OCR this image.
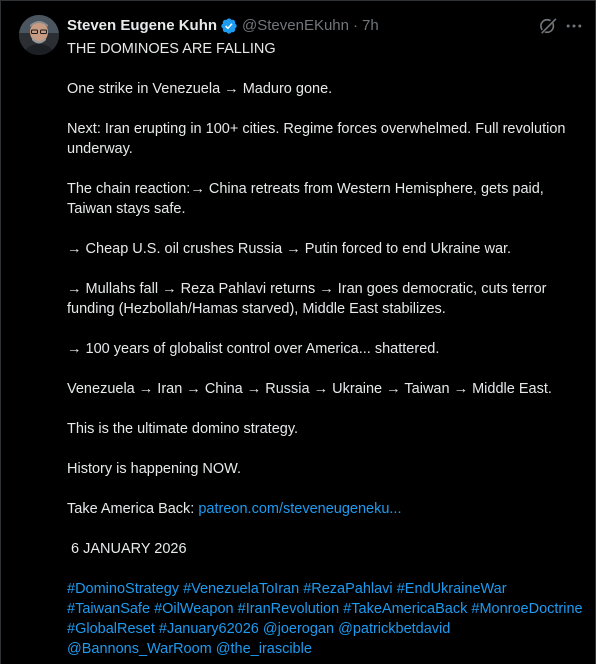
Steven Eugene Kuhn @StevenEKuhn · 7h
THE DOMINOES ARE FALLING
One strike in Venezuela → Maduro gone.
Next: Iran erupting in 100+ cities. Regime forces overwhelmed. Full revolution underway.
The chain reaction:→ China retreats from Western Hemisphere, gets paid, Taiwan stays safe.
→ Cheap U.S. oil crushes Russia → Putin forced to end Ukraine war.
→ Mullahs fall → Reza Pahlavi returns → Iran goes democratic, cuts terror funding (Hezbollah/Hamas starved), Middle East stabilizes.
→ 100 years of globalist control over America... shattered.
Venezuela → Iran → China → Russia → Ukraine → Taiwan → Middle East.
This is the ultimate domino strategy.
History is happening NOW.
Take America Back: patreon.com/steveneugeneku...
6 JANUARY 2026
#DominoStrategy #VenezuelaToIran #RezaPahlavi #EndUkraineWar #TaiwanSafe #OilWeapon #IranRevolution #TakeAmericaBack #MonroeDoctrine #GlobalReset #January62026 @joerogan @patrickbetdavid @Bannons_WarRoom @the_irascible
